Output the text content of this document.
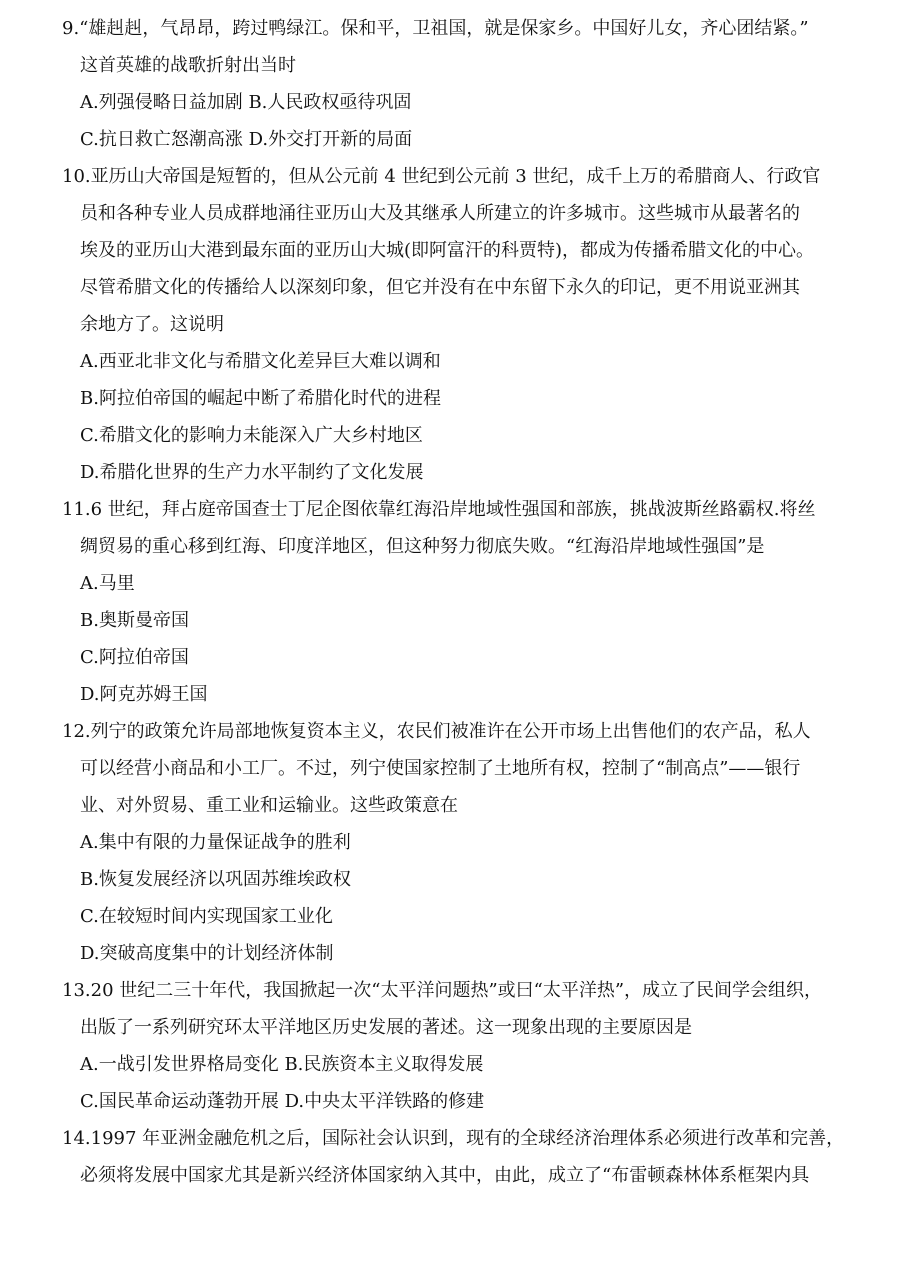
9.“雄赳赳，气昂昂，跨过鸭绿江。保和平，卫祖国，就是保家乡。中国好儿女，齐心团结紧。”
这首英雄的战歌折射出当时
A.列强侵略日益加剧 B.人民政权亟待巩固
C.抗日救亡怒潮高涨 D.外交打开新的局面
10.亚历山大帝国是短暂的，但从公元前 4 世纪到公元前 3 世纪，成千上万的希腊商人、行政官
员和各种专业人员成群地涌往亚历山大及其继承人所建立的许多城市。这些城市从最著名的
埃及的亚历山大港到最东面的亚历山大城(即阿富汗的科贾特)，都成为传播希腊文化的中心。
尽管希腊文化的传播给人以深刻印象，但它并没有在中东留下永久的印记，更不用说亚洲其
余地方了。这说明
A.西亚北非文化与希腊文化差异巨大难以调和
B.阿拉伯帝国的崛起中断了希腊化时代的进程
C.希腊文化的影响力未能深入广大乡村地区
D.希腊化世界的生产力水平制约了文化发展
11.6 世纪，拜占庭帝国查士丁尼企图依靠红海沿岸地域性强国和部族，挑战波斯丝路霸权.将丝
绸贸易的重心移到红海、印度洋地区，但这种努力彻底失败。“红海沿岸地域性强国”是
A.马里
B.奥斯曼帝国
C.阿拉伯帝国
D.阿克苏姆王国
12.列宁的政策允许局部地恢复资本主义，农民们被准许在公开市场上出售他们的农产品，私人
可以经营小商品和小工厂。不过，列宁使国家控制了土地所有权，控制了“制高点”——银行
业、对外贸易、重工业和运输业。这些政策意在
A.集中有限的力量保证战争的胜利
B.恢复发展经济以巩固苏维埃政权
C.在较短时间内实现国家工业化
D.突破高度集中的计划经济体制
13.20 世纪二三十年代，我国掀起一次“太平洋问题热”或曰“太平洋热”，成立了民间学会组织，
出版了一系列研究环太平洋地区历史发展的著述。这一现象出现的主要原因是
A.一战引发世界格局变化 B.民族资本主义取得发展
C.国民革命运动蓬勃开展 D.中央太平洋铁路的修建
14.1997 年亚洲金融危机之后，国际社会认识到，现有的全球经济治理体系必须进行改革和完善，
必须将发展中国家尤其是新兴经济体国家纳入其中，由此，成立了“布雷顿森林体系框架内具
